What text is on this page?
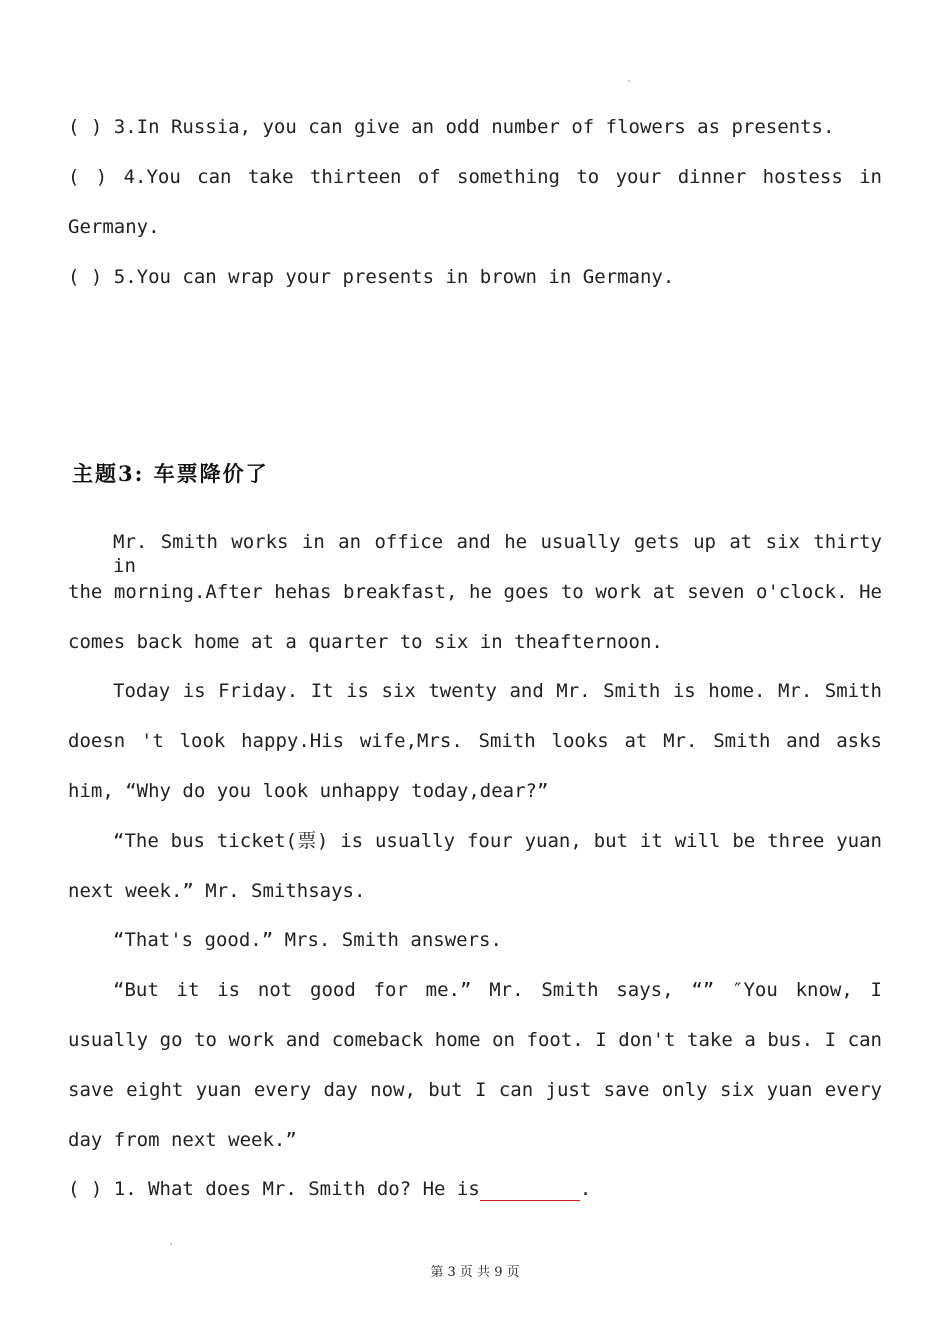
( ) 3.In Russia, you can give an odd number of flowers as presents.
( ) 4.You can take thirteen of something to your dinner hostess in
Germany.
( ) 5.You can wrap your presents in brown in Germany.
主题3: 车票降价了
Mr. Smith works in an office and he usually gets up at six thirty in
the morning.After hehas breakfast, he goes to work at seven o'clock. He
comes back home at a quarter to six in theafternoon.
Today is Friday. It is six twenty and Mr. Smith is home. Mr. Smith
doesn 't look happy.His wife,Mrs. Smith looks at Mr. Smith and asks
him, “Why do you look unhappy today,dear?”
“The bus ticket(票) is usually four yuan, but it will be three yuan
next week.” Mr. Smithsays.
“That's good.” Mrs. Smith answers.
“But it is not good for me.” Mr. Smith says, “” ″You know, I
usually go to work and comeback home on foot. I don't take a bus. I can
save eight yuan every day now, but I can just save only six yuan every
day from next week.”
( ) 1. What does Mr. Smith do? He is	.
第 3 页 共 9 页
